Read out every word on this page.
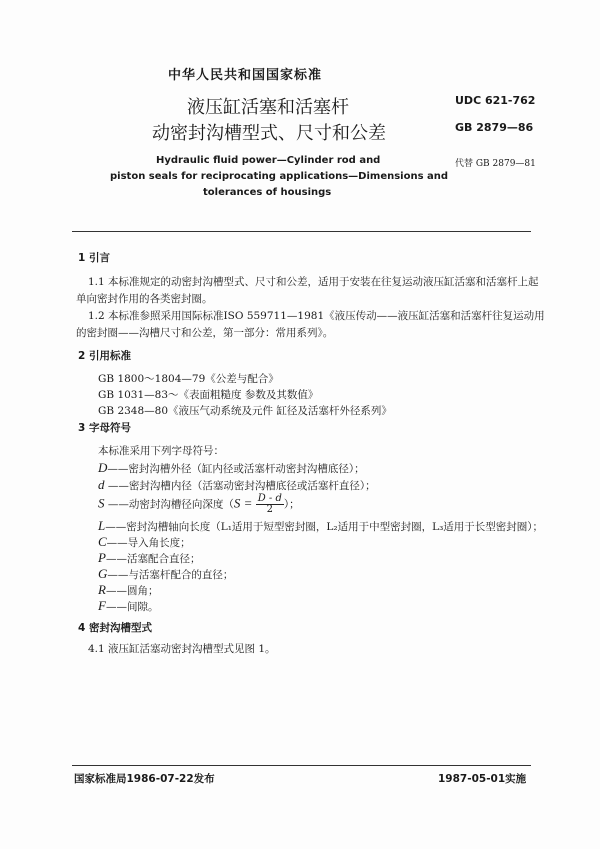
中华人民共和国国家标准
液压缸活塞和活塞杆
动密封沟槽型式、尺寸和公差
UDC 621-762
GB 2879—86
代替 GB 2879—81
Hydraulic fluid power—Cylinder rod and
piston seals for reciprocating applications—Dimensions and
tolerances of housings
1 引言
1.1 本标准规定的动密封沟槽型式、尺寸和公差，适用于安装在往复运动液压缸活塞和活塞杆上起
单向密封作用的各类密封圈。
1.2 本标准参照采用国际标准ISO 559711—1981《液压传动——液压缸活塞和活塞杆往复运动用
的密封圈——沟槽尺寸和公差，第一部分：常用系列》。
2 引用标准
GB 1800～1804—79《公差与配合》
GB 1031—83～《表面粗糙度 参数及其数值》
GB 2348—80《液压气动系统及元件 缸径及活塞杆外径系列》
3 字母符号
本标准采用下列字母符号：
D——密封沟槽外径（缸内径或活塞杆动密封沟槽底径）；
d ——密封沟槽内径（活塞动密封沟槽底径或活塞杆直径）；
S ——动密封沟槽径向深度（$S = \frac{D - d}{2}$ ）；
L——密封沟槽轴向长度（L₁适用于短型密封圈，L₂适用于中型密封圈，L₃适用于长型密封圈）；
C——导入角长度；
P——活塞配合直径；
G——与活塞杆配合的直径；
R——圆角；
F——间隙。
4 密封沟槽型式
4.1 液压缸活塞动密封沟槽型式见图 1。
国家标准局1986-07-22发布	1987-05-01实施
